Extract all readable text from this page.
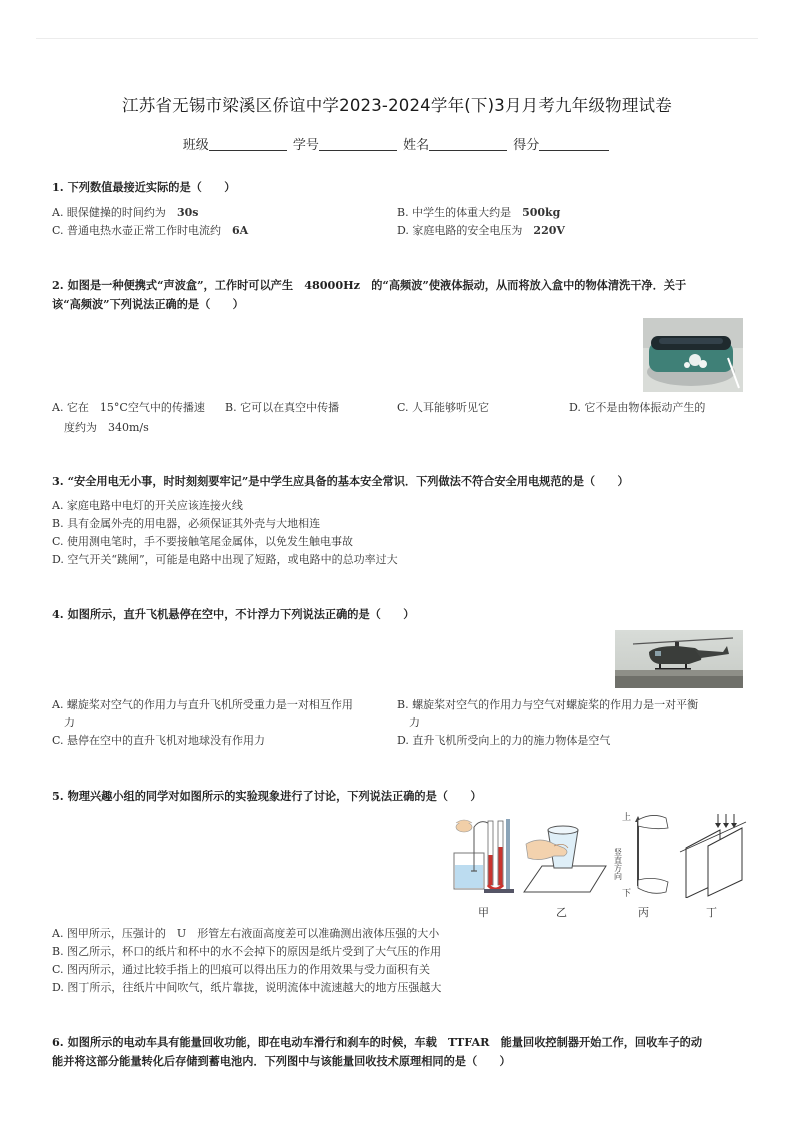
江苏省无锡市梁溪区侨谊中学2023-2024学年(下)3月月考九年级物理试卷
班级	学号	姓名	得分
1. 下列数值最接近实际的是（　　）
A. 眼保健操的时间约为　 30s	B. 中学生的体重大约是　 500kg
C. 普通电热水壶正常工作时电流约　 6A	D. 家庭电路的安全电压为　 220V
2. 如图是一种便携式“声波盒”，工作时可以产生　48000Hz　的“高频波”使液体振动，从而将放入盒中的物体清洗干净．关于
该“高频波”下列说法正确的是（　　）
A. 它在　15°C空气中的传播速
度约为　340m/s
B. 它可以在真空中传播	C. 人耳能够听见它	D. 它不是由物体振动产生的
3. “安全用电无小事，时时刻刻要牢记”是中学生应具备的基本安全常识．下列做法不符合安全用电规范的是（　　）
A. 家庭电路中电灯的开关应该连接火线
B. 具有金属外壳的用电器，必须保证其外壳与大地相连
C. 使用测电笔时，手不要接触笔尾金属体，以免发生触电事故
D. 空气开关“跳闸”，可能是电路中出现了短路，或电路中的总功率过大
4. 如图所示，直升飞机悬停在空中，不计浮力下列说法正确的是（　　）
A. 螺旋桨对空气的作用力与直升飞机所受重力是一对相互作用
力
B. 螺旋桨对空气的作用力与空气对螺旋桨的作用力是一对平衡
力
C. 悬停在空中的直升飞机对地球没有作用力	D. 直升飞机所受向上的力的施力物体是空气
5. 物理兴趣小组的同学对如图所示的实验现象进行了讨论，下列说法正确的是（　　）
上
竖直方向
下
甲	乙	丙	丁
A. 图甲所示，压强计的　U　形管左右液面高度差可以准确测出液体压强的大小
B. 图乙所示，杯口的纸片和杯中的水不会掉下的原因是纸片受到了大气压的作用
C. 图丙所示，通过比较手指上的凹痕可以得出压力的作用效果与受力面积有关
D. 图丁所示，往纸片中间吹气，纸片靠拢，说明流体中流速越大的地方压强越大
6. 如图所示的电动车具有能量回收功能，即在电动车滑行和刹车的时候，车载　TTFAR　能量回收控制器开始工作，回收车子的动
能并将这部分能量转化后存储到蓄电池内．下列图中与该能量回收技术原理相同的是（　　）
